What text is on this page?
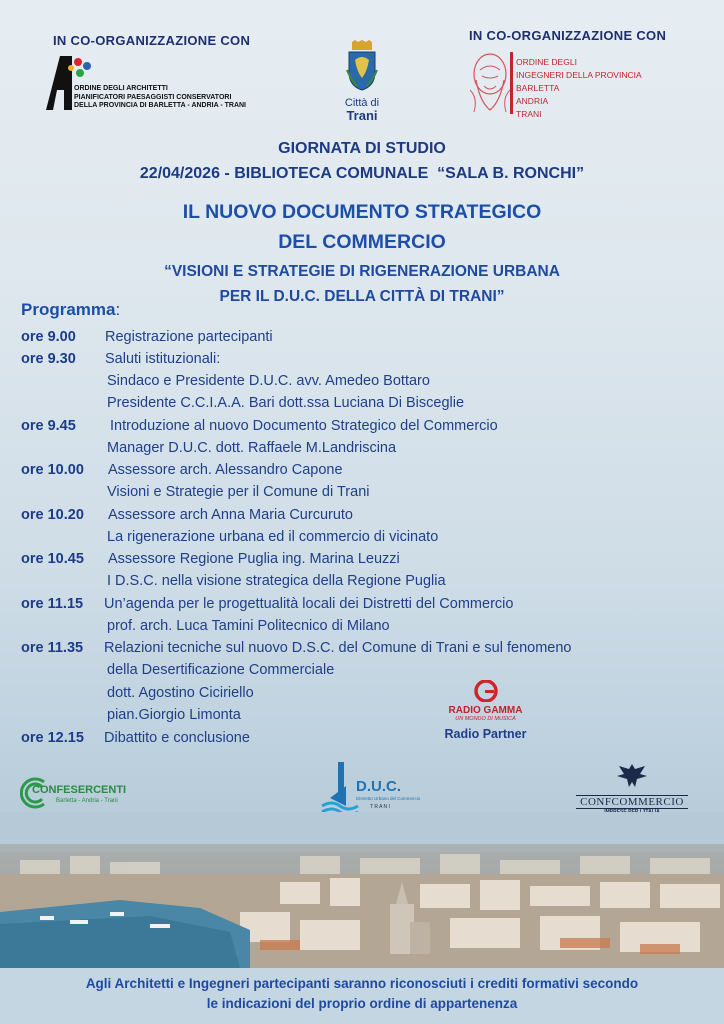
IN CO-ORGANIZZAZIONE CON	IN CO-ORGANIZZAZIONE CON
ORDINE DEGLI ARCHITETTI
PIANIFICATORI PAESAGGISTI CONSERVATORI
DELLA PROVINCIA DI BARLETTA - ANDRIA - TRANI	Città di
Trani
ORDINE DEGLI
INGEGNERI DELLA PROVINCIA
BARLETTA
ANDRIA
TRANI
GIORNATA DI STUDIO
22/04/2026 - BIBLIOTECA COMUNALE  “SALA B. RONCHI”
IL NUOVO DOCUMENTO STRATEGICO
DEL COMMERCIO
“VISIONI E STRATEGIE DI RIGENERAZIONE URBANA
PER IL D.U.C. DELLA CITTÀ DI TRANI”
Programma:
ore 9.00 Registrazione partecipanti
ore 9.30 Saluti istituzionali:
Sindaco e Presidente D.U.C. avv. Amedeo Bottaro
Presidente C.C.I.A.A. Bari dott.ssa Luciana Di Bisceglie
ore 9.45 Introduzione al nuovo Documento Strategico del Commercio
Manager D.U.C. dott. Raffaele M.Landriscina
ore 10.00 Assessore arch. Alessandro Capone
Visioni e Strategie per il Comune di Trani
ore 10.20 Assessore arch Anna Maria Curcuruto
La rigenerazione urbana ed il commercio di vicinato
ore 10.45 Assessore Regione Puglia ing. Marina Leuzzi
I D.S.C. nella visione strategica della Regione Puglia
ore 11.15 Un’agenda per le progettualità locali dei Distretti del Commercio
prof. arch. Luca Tamini Politecnico di Milano
ore 11.35 Relazioni tecniche sul nuovo D.S.C. del Comune di Trani e sul fenomeno
della Desertificazione Commerciale
dott. Agostino Ciciriello
pian.Giorgio Limonta
ore 12.15 Dibattito e conclusione
RADIO GAMMA
UN MONDO DI MUSICA
Radio Partner
CONFESERCENTI
Barletta - Andria - Trani
D.U.C.
Distretto Urbano del Commercio
T R A N I	CONFCOMMERCIO
Agli Architetti e Ingegneri partecipanti saranno riconosciuti i crediti formativi secondo
le indicazioni del proprio ordine di appartenenza
